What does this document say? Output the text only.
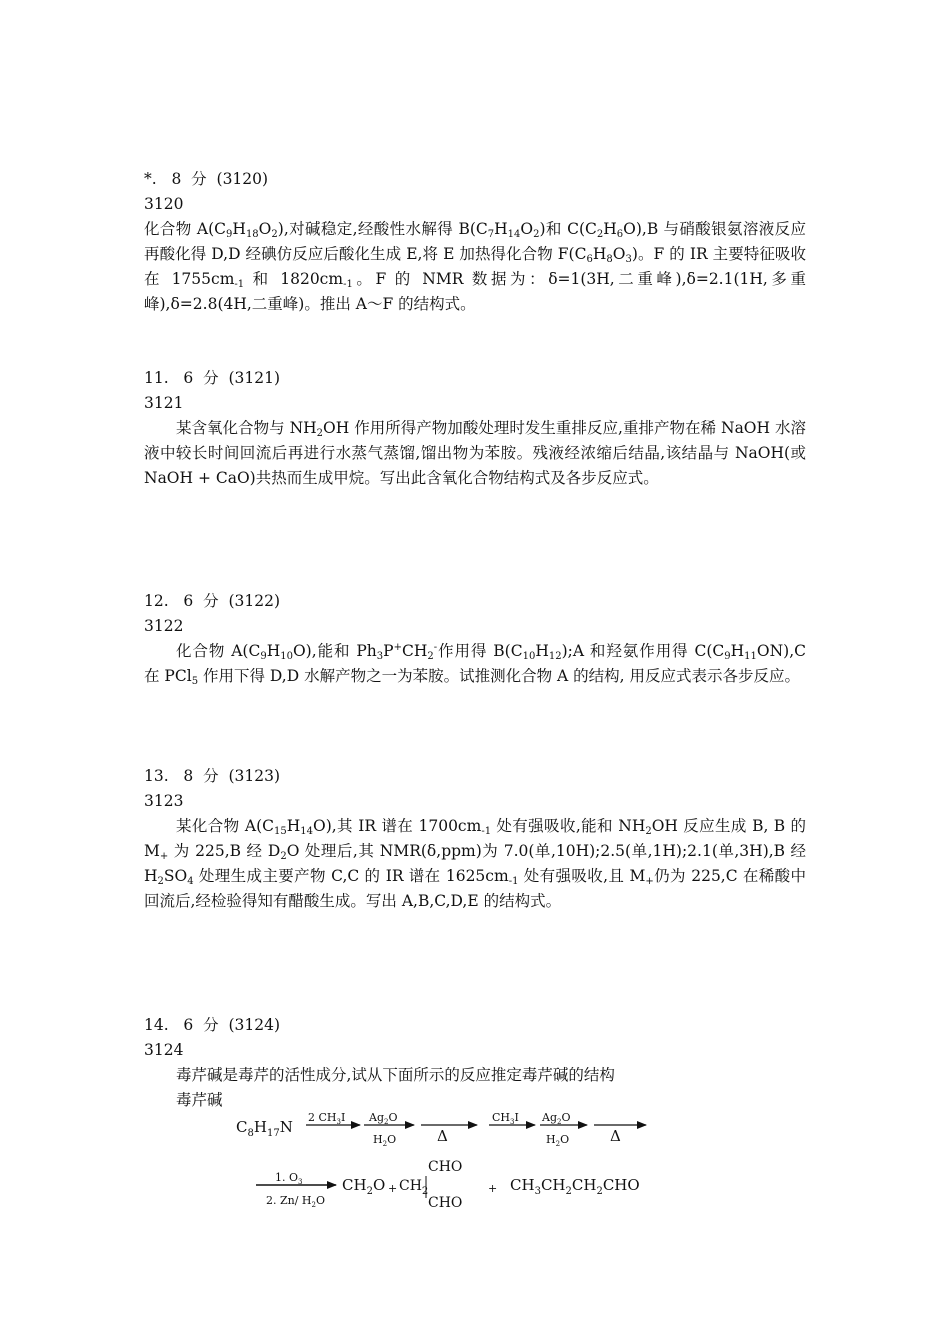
*.   8  分  (3120)
3120
化合物 $A(C_9H_{18}O_2)$,对碱稳定,经酸性水解得 $B(C_7H_{14}O_2)$和 $C(C_2H_6O),B$ 与硝酸银氨溶液反应再酸化得 D,D 经碘仿反应后酸化生成 E,将 E 加热得化合物 $F(C_6H_8O_3)$。F 的 IR 主要特征吸收在 $1755cm_{-1}$ 和 $1820cm_{-1}$。F 的 NMR 数据为：δ=1(3H,二重峰),δ=2.1(1H,多重峰),δ=2.8(4H,二重峰)。推出 A～F 的结构式。
11.   6  分  (3121)
3121
某含氧化合物与 $NH_2OH$ 作用所得产物加酸处理时发生重排反应,重排产物在稀 NaOH 水溶液中较长时间回流后再进行水蒸气蒸馏,馏出物为苯胺。残液经浓缩后结晶,该结晶与 NaOH(或 NaOH + CaO)共热而生成甲烷。写出此含氧化合物结构式及各步反应式。
12.   6  分  (3122)
3122
化合物 $A(C_9H_{10}O)$,能和 $Ph_3P^+CH_2^-$作用得 $B(C_{10}H_{12});A$ 和羟氨作用得 $C(C_9H_{11}ON),C$ 在 PCl$_5$ 作用下得 D,D 水解产物之一为苯胺。试推测化合物 A 的结构, 用反应式表示各步反应。
13.   8  分  (3123)
3123
某化合物 $A(C_{15}H_{14}O)$,其 IR 谱在 $1700cm_{-1}$ 处有强吸收,能和 $NH_2OH$ 反应生成 B, B 的 $M_+$ 为 225,B 经 $D_2O$ 处理后,其 NMR(δ,ppm)为 7.0(单,10H);2.5(单,1H);2.1(单,3H),B 经 $H_2SO_4$ 处理生成主要产物 C,C 的 IR 谱在 $1625cm_{-1}$ 处有强吸收,且 $M_+$仍为 225,C 在稀酸中回流后,经检验得知有醋酸生成。写出 A,B,C,D,E 的结构式。
14.   6  分  (3124)
3124
毒芹碱是毒芹的活性成分,试从下面所示的反应推定毒芹碱的结构
毒芹碱
$C_8H_{17}N$
2 $CH_3I$ $Ag_2O$
$H_2O$	Δ
$CH_3I$ $Ag_2O$
$H_2O$	Δ
1. $O_3$
2. Zn/ $H_2O$
$CH_2O$ +
CHO
$CH_2$
CHO
+ $CH_3CH_2CH_2CHO$
